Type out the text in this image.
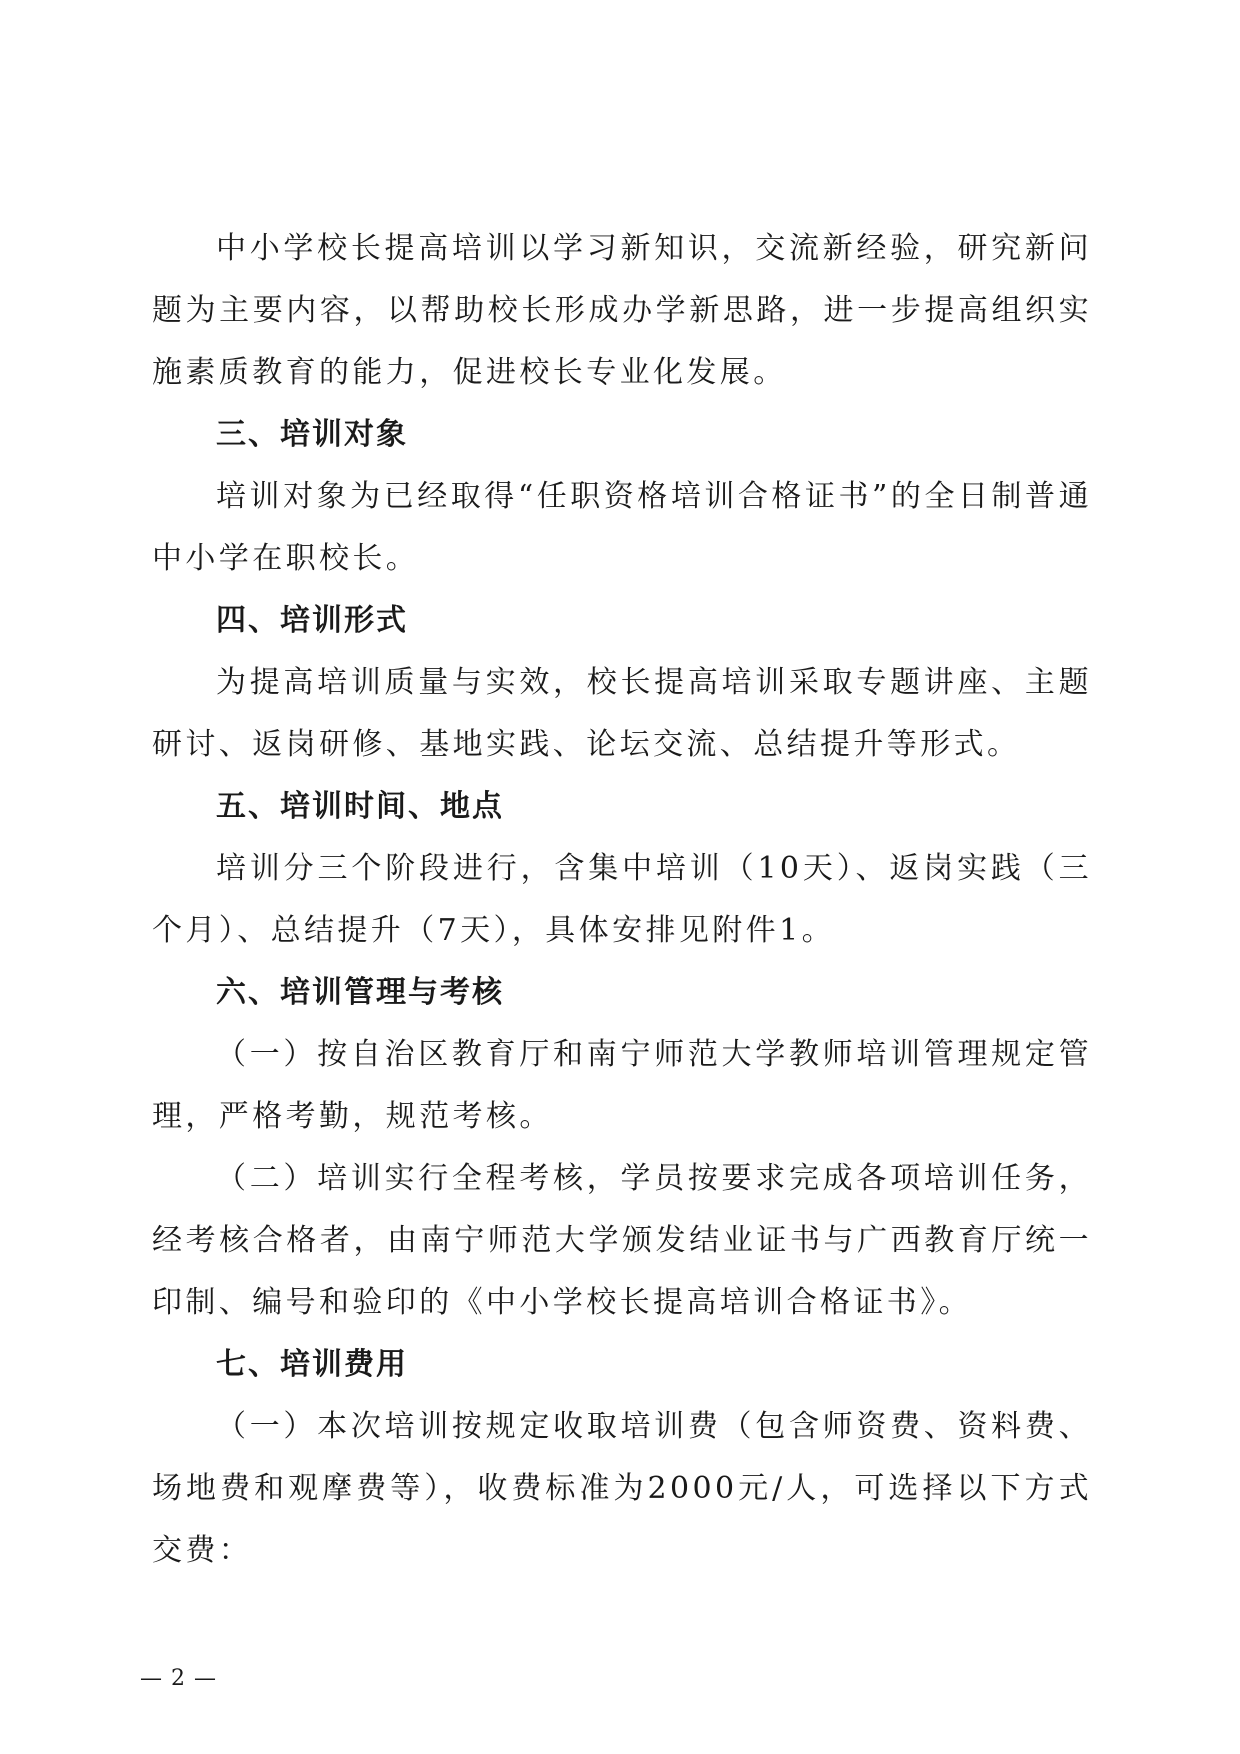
中小学校长提高培训以学习新知识，交流新经验，研究新问题为主要内容，以帮助校长形成办学新思路，进一步提高组织实施素质教育的能力，促进校长专业化发展。

三、培训对象

培训对象为已经取得“任职资格培训合格证书”的全日制普通中小学在职校长。

四、培训形式

为提高培训质量与实效，校长提高培训采取专题讲座、主题研讨、返岗研修、基地实践、论坛交流、总结提升等形式。

五、培训时间、地点

培训分三个阶段进行，含集中培训（10天）、返岗实践（三个月）、总结提升（7天），具体安排见附件1。

六、培训管理与考核

（一）按自治区教育厅和南宁师范大学教师培训管理规定管理，严格考勤，规范考核。

（二）培训实行全程考核，学员按要求完成各项培训任务，经考核合格者，由南宁师范大学颁发结业证书与广西教育厅统一印制、编号和验印的《中小学校长提高培训合格证书》。

七、培训费用

（一）本次培训按规定收取培训费（包含师资费、资料费、场地费和观摩费等），收费标准为2000元/人，可选择以下方式交费：

— 2 —
